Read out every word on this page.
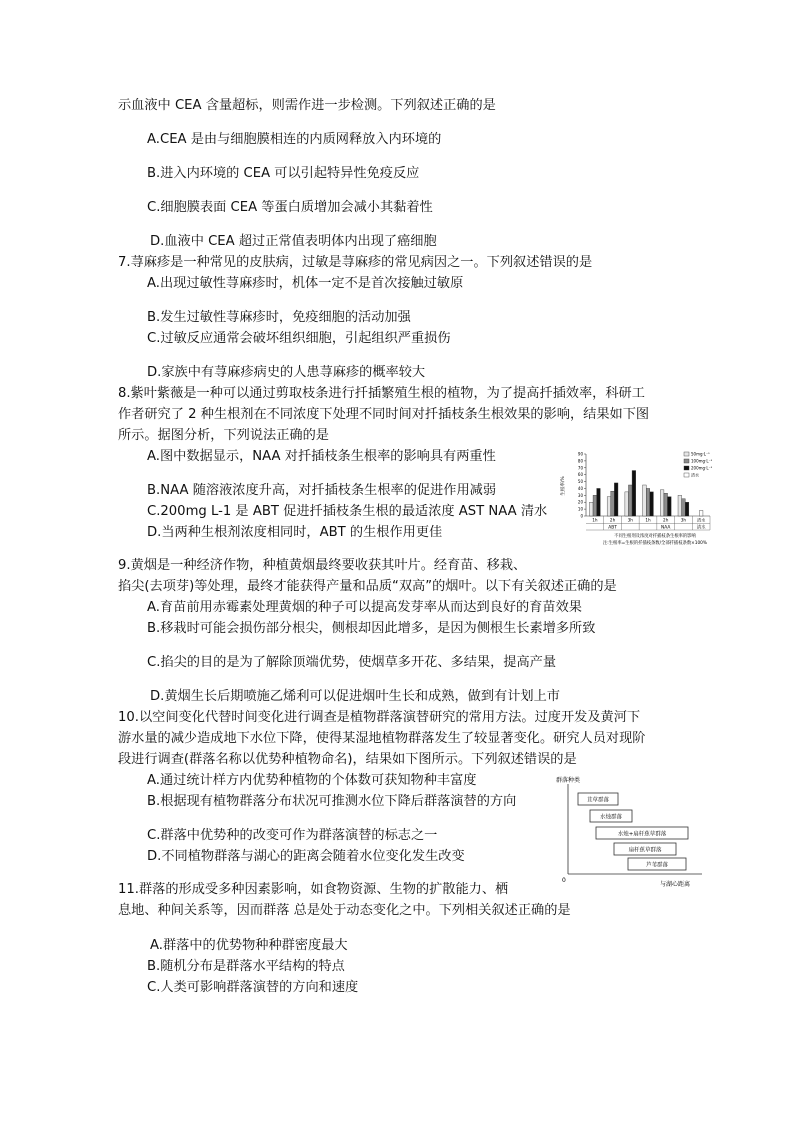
示血液中 CEA 含量超标，则需作进一步检测。下列叙述正确的是
A.CEA 是由与细胞膜相连的内质网释放入内环境的
B.进入内环境的 CEA 可以引起特异性免疫反应
C.细胞膜表面 CEA 等蛋白质增加会减小其黏着性
D.血液中 CEA 超过正常值表明体内出现了癌细胞
7.荨麻疹是一种常见的皮肤病，过敏是荨麻疹的常见病因之一。下列叙述错误的是
A.出现过敏性荨麻疹时，机体一定不是首次接触过敏原
B.发生过敏性荨麻疹时，免疫细胞的活动加强
C.过敏反应通常会破坏组织细胞，引起组织严重损伤
D.家族中有荨麻疹病史的人患荨麻疹的概率较大
8.紫叶紫薇是一种可以通过剪取枝条进行扦插繁殖生根的植物，为了提高扦插效率，科研工
作者研究了 2 种生根剂在不同浓度下处理不同时间对扦插枝条生根效果的影响，结果如下图
所示。据图分析，下列说法正确的是
A.图中数据显示，NAA 对扦插枝条生根率的影响具有两重性
B.NAA 随溶液浓度升高，对扦插枝条生根率的促进作用减弱
C.200mg L-1 是 ABT 促进扦插枝条生根的最适浓度 AST NAA 清水
D.当两种生根剂浓度相同时，ABT 的生根作用更佳
生根率/%
0
10
20
30
40
50
60
70
80
90
1h	2h	3h	1h	2h	3h	清水
ABT	NAA	清水
50mg·L⁻¹
100mg·L⁻¹
200mg·L⁻¹
清水
不同生根剂及浓度对扦插枝条生根率的影响
注:生根率=生根的扦插枝条数/全部扦插枝条数×100%
9.黄烟是一种经济作物，种植黄烟最终要收获其叶片。经育苗、移栽、
掐尖(去项芽)等处理，最终才能获得产量和品质“双高”的烟叶。以下有关叙述正确的是
A.育苗前用赤霉素处理黄烟的种子可以提高发芽率从而达到良好的育苗效果
B.移栽时可能会损伤部分根尖，侧根却因此增多，是因为侧根生长素增多所致
C.掐尖的目的是为了解除顶端优势，使烟草多开花、多结果，提高产量
D.黄烟生长后期喷施乙烯利可以促进烟叶生长和成熟，做到有计划上市
10.以空间变化代替时间变化进行调查是植物群落演替研究的常用方法。过度开发及黄河下
游水量的减少造成地下水位下降，使得某湿地植物群落发生了较显著变化。研究人员对现阶
段进行调查(群落名称以优势种植物命名)，结果如下图所示。下列叙述错误的是
A.通过统计样方内优势种植物的个体数可获知物种丰富度
B.根据现有植物群落分布状况可推测水位下降后群落演替的方向
C.群落中优势种的改变可作为群落演替的标志之一
D.不同植物群落与湖心的距离会随着水位变化发生改变
群落种类
0
与湖心距离
苴草群落
水烛群落
水烛+扇杆蕉草群落
扇杆蕉草群落
芦苇群落
11.群落的形成受多种因素影响，如食物资源、生物的扩散能力、栖
息地、种间关系等，因而群落 总是处于动态变化之中。下列相关叙述正确的是
A.群落中的优势物种种群密度最大
B.随机分布是群落水平结构的特点
C.人类可影响群落演替的方向和速度
